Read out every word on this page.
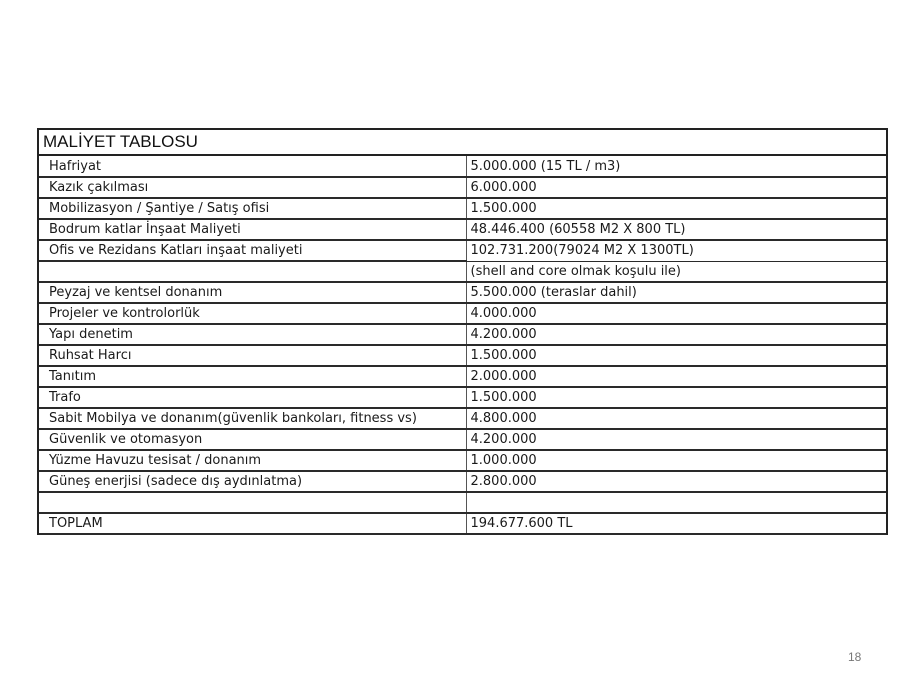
MALİYET TABLOSU
Hafriyat	5.000.000 (15 TL / m3)
Kazık çakılması	6.000.000
Mobilizasyon / Şantiye / Satış ofisi	1.500.000
Bodrum katlar İnşaat Maliyeti	48.446.400 (60558 M2 X 800 TL)
Ofis ve Rezidans Katları inşaat maliyeti	102.731.200(79024 M2 X 1300TL)
	(shell and core olmak koşulu ile)
Peyzaj ve kentsel donanım	5.500.000 (teraslar dahil)
Projeler ve kontrolorlük	4.000.000
Yapı denetim	4.200.000
Ruhsat Harcı	1.500.000
Tanıtım	2.000.000
Trafo	1.500.000
Sabit Mobilya ve donanım(güvenlik bankoları, fitness vs)	4.800.000
Güvenlik ve otomasyon	4.200.000
Yüzme Havuzu tesisat / donanım	1.000.000
Güneş enerjisi (sadece dış aydınlatma)	2.800.000

TOPLAM	194.677.600 TL
18
